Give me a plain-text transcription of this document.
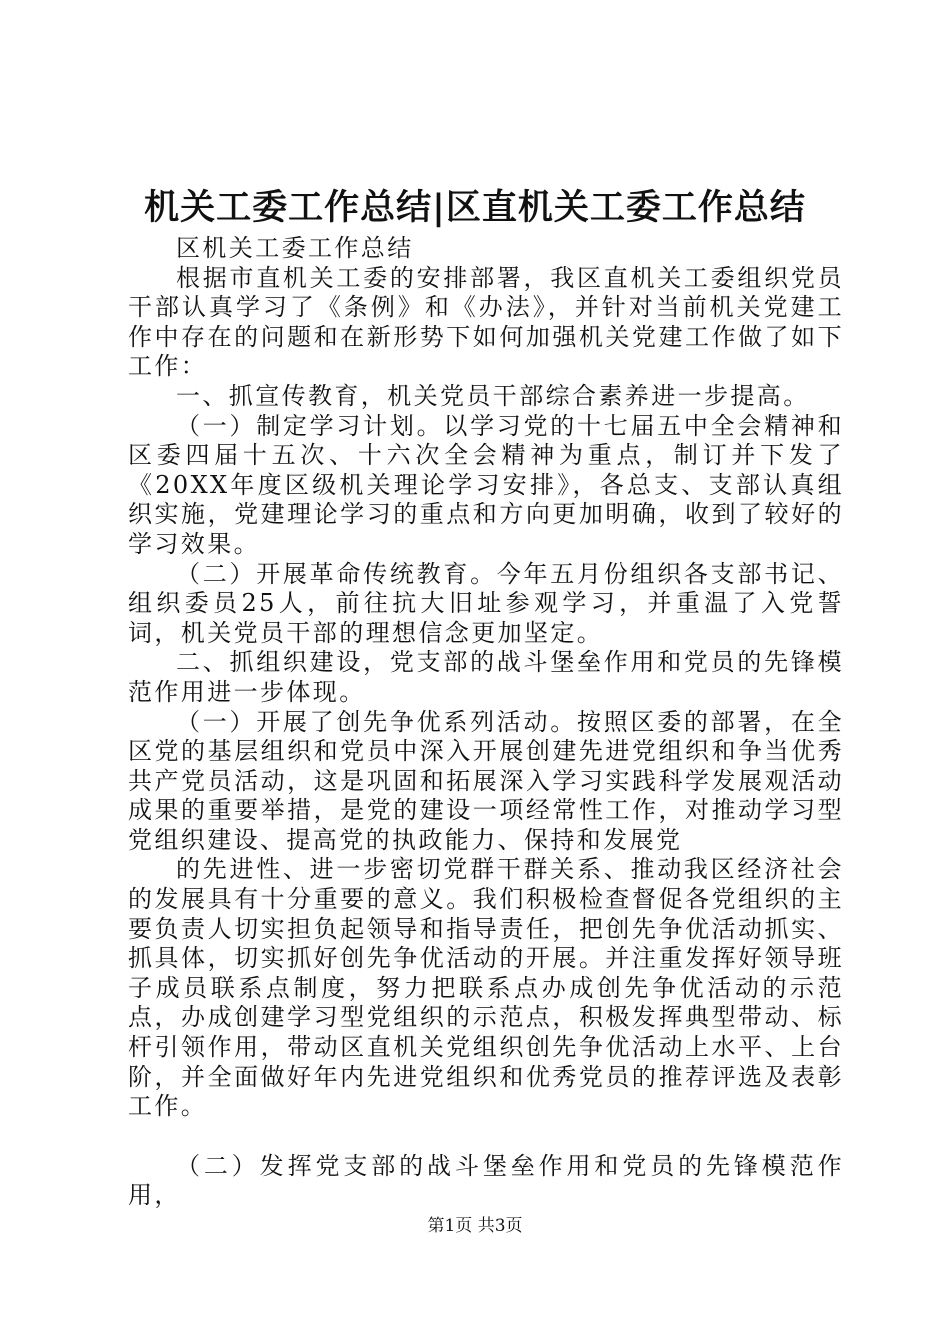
机关工委工作总结|区直机关工委工作总结

区机关工委工作总结

根据市直机关工委的安排部署，我区直机关工委组织党员干部认真学习了《条例》和《办法》，并针对当前机关党建工作中存在的问题和在新形势下如何加强机关党建工作做了如下工作：

一、抓宣传教育，机关党员干部综合素养进一步提高。

（一）制定学习计划。以学习党的十七届五中全会精神和区委四届十五次、十六次全会精神为重点，制订并下发了《20XX年度区级机关理论学习安排》，各总支、支部认真组织实施，党建理论学习的重点和方向更加明确，收到了较好的学习效果。

（二）开展革命传统教育。今年五月份组织各支部书记、组织委员25人，前往抗大旧址参观学习，并重温了入党誓词，机关党员干部的理想信念更加坚定。

二、抓组织建设，党支部的战斗堡垒作用和党员的先锋模范作用进一步体现。

（一）开展了创先争优系列活动。按照区委的部署，在全区党的基层组织和党员中深入开展创建先进党组织和争当优秀共产党员活动，这是巩固和拓展深入学习实践科学发展观活动成果的重要举措，是党的建设一项经常性工作，对推动学习型党组织建设、提高党的执政能力、保持和发展党

的先进性、进一步密切党群干群关系、推动我区经济社会的发展具有十分重要的意义。我们积极检查督促各党组织的主要负责人切实担负起领导和指导责任，把创先争优活动抓实、抓具体，切实抓好创先争优活动的开展。并注重发挥好领导班子成员联系点制度，努力把联系点办成创先争优活动的示范点，办成创建学习型党组织的示范点，积极发挥典型带动、标杆引领作用，带动区直机关党组织创先争优活动上水平、上台阶，并全面做好年内先进党组织和优秀党员的推荐评选及表彰工作。

（二）发挥党支部的战斗堡垒作用和党员的先锋模范作用，

第1页 共3页
